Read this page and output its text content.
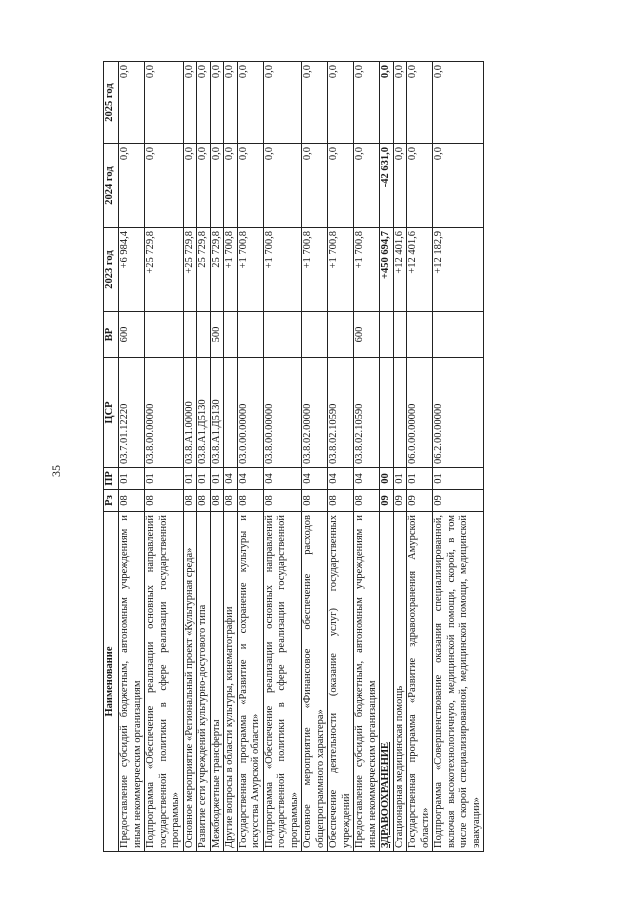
35
Наименование	Рз	ПР	ЦСР	ВР	2023 год	2024 год	2025 год
Предоставление субсидий бюджетным, автономным учреждениям и иным некоммерческим организациям	08	01	03.7.01.12220	600	+6 984,4	0,0	0,0
Подпрограмма «Обеспечение реализации основных направлений государственной политики в сфере реализации государственной программы»	08	01	03.8.00.00000		+25 729,8	0,0	0,0
Основное мероприятие «Региональный проект «Культурная среда»	08	01	03.8.А1.00000		+25 729,8	0,0	0,0
Развитие сети учреждений культурно-досугового типа	08	01	03.8.А1.Д5130		25 729,8	0,0	0,0
Межбюджетные трансферты	08	01	03.8.А1.Д5130	500	25 729,8	0,0	0,0
Другие вопросы в области культуры, кинематографии	08	04			+1 700,8	0,0	0,0
Государственная программа «Развитие и сохранение культуры и искусства Амурской области»	08	04	03.0.00.00000		+1 700,8	0,0	0,0
Подпрограмма «Обеспечение реализации основных направлений государственной политики в сфере реализации государственной программы»	08	04	03.8.00.00000		+1 700,8	0,0	0,0
Основное мероприятие «Финансовое обеспечение расходов общепрограммного характера»	08	04	03.8.02.00000		+1 700,8	0,0	0,0
Обеспечение деятельности (оказание услуг) государственных учреждений	08	04	03.8.02.10590		+1 700,8	0,0	0,0
Предоставление субсидий бюджетным, автономным учреждениям и иным некоммерческим организациям	08	04	03.8.02.10590	600	+1 700,8	0,0	0,0
ЗДРАВООХРАНЕНИЕ	09	00			+450 694,7	-42 631,0	0,0
Стационарная медицинская помощь	09	01			+12 401,6	0,0	0,0
Государственная программа «Развитие здравоохранения Амурской области»	09	01	06.0.00.00000		+12 401,6	0,0	0,0
Подпрограмма «Совершенствование оказания специализированной, включая высокотехнологичную, медицинской помощи, скорой, в том числе скорой специализированной, медицинской помощи, медицинской эвакуации»	09	01	06.2.00.00000		+12 182,9	0,0	0,0
